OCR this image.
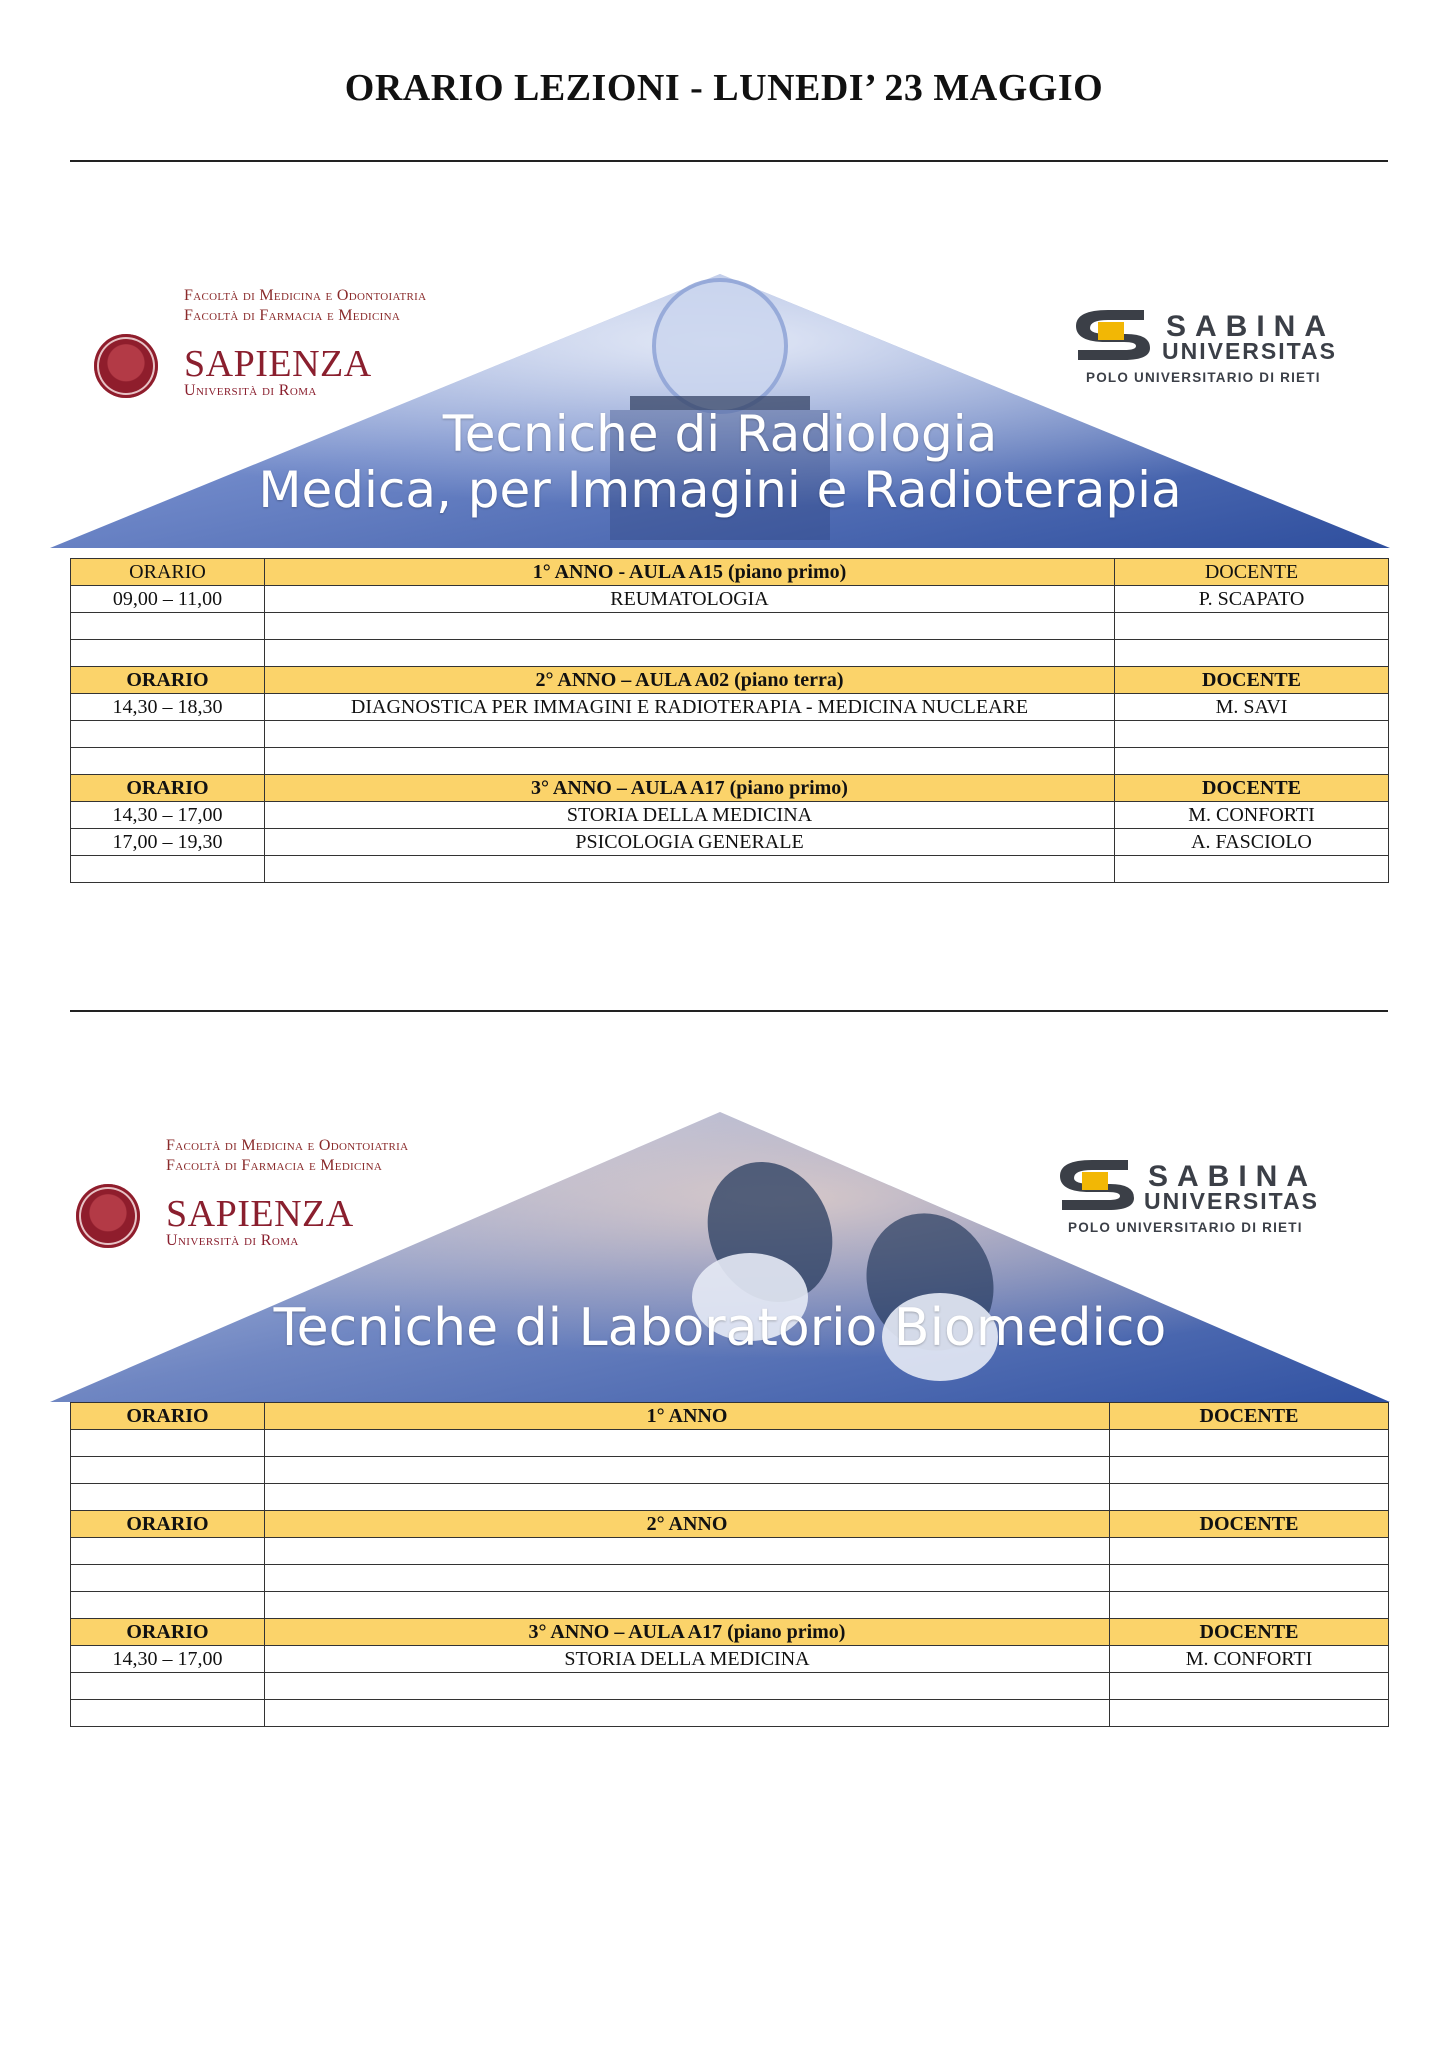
ORARIO LEZIONI - LUNEDI’ 23 MAGGIO
Facoltà di Medicina e Odontoiatria
Facoltà di Farmacia e Medicina
SAPIENZA
Università di Roma
SABINA
UNIVERSITAS
POLO UNIVERSITARIO DI RIETI
Tecniche di Radiologia
Medica, per Immagini e Radioterapia
ORARIO	1° ANNO - AULA A15 (piano primo)	DOCENTE
09,00 – 11,00	REUMATOLOGIA	P. SCAPATO

ORARIO	2° ANNO – AULA A02 (piano terra)	DOCENTE
14,30 – 18,30	DIAGNOSTICA PER IMMAGINI E RADIOTERAPIA - MEDICINA NUCLEARE	M. SAVI

ORARIO	3° ANNO – AULA A17 (piano primo)	DOCENTE
14,30 – 17,00	STORIA DELLA MEDICINA	M. CONFORTI
17,00 – 19,30	PSICOLOGIA GENERALE	A. FASCIOLO

Facoltà di Medicina e Odontoiatria
Facoltà di Farmacia e Medicina
SAPIENZA
Università di Roma
SABINA
UNIVERSITAS
POLO UNIVERSITARIO DI RIETI
Tecniche di Laboratorio Biomedico
ORARIO	1° ANNO	DOCENTE

ORARIO	2° ANNO	DOCENTE

ORARIO	3° ANNO – AULA A17 (piano primo)	DOCENTE
14,30 – 17,00	STORIA DELLA MEDICINA	M. CONFORTI
